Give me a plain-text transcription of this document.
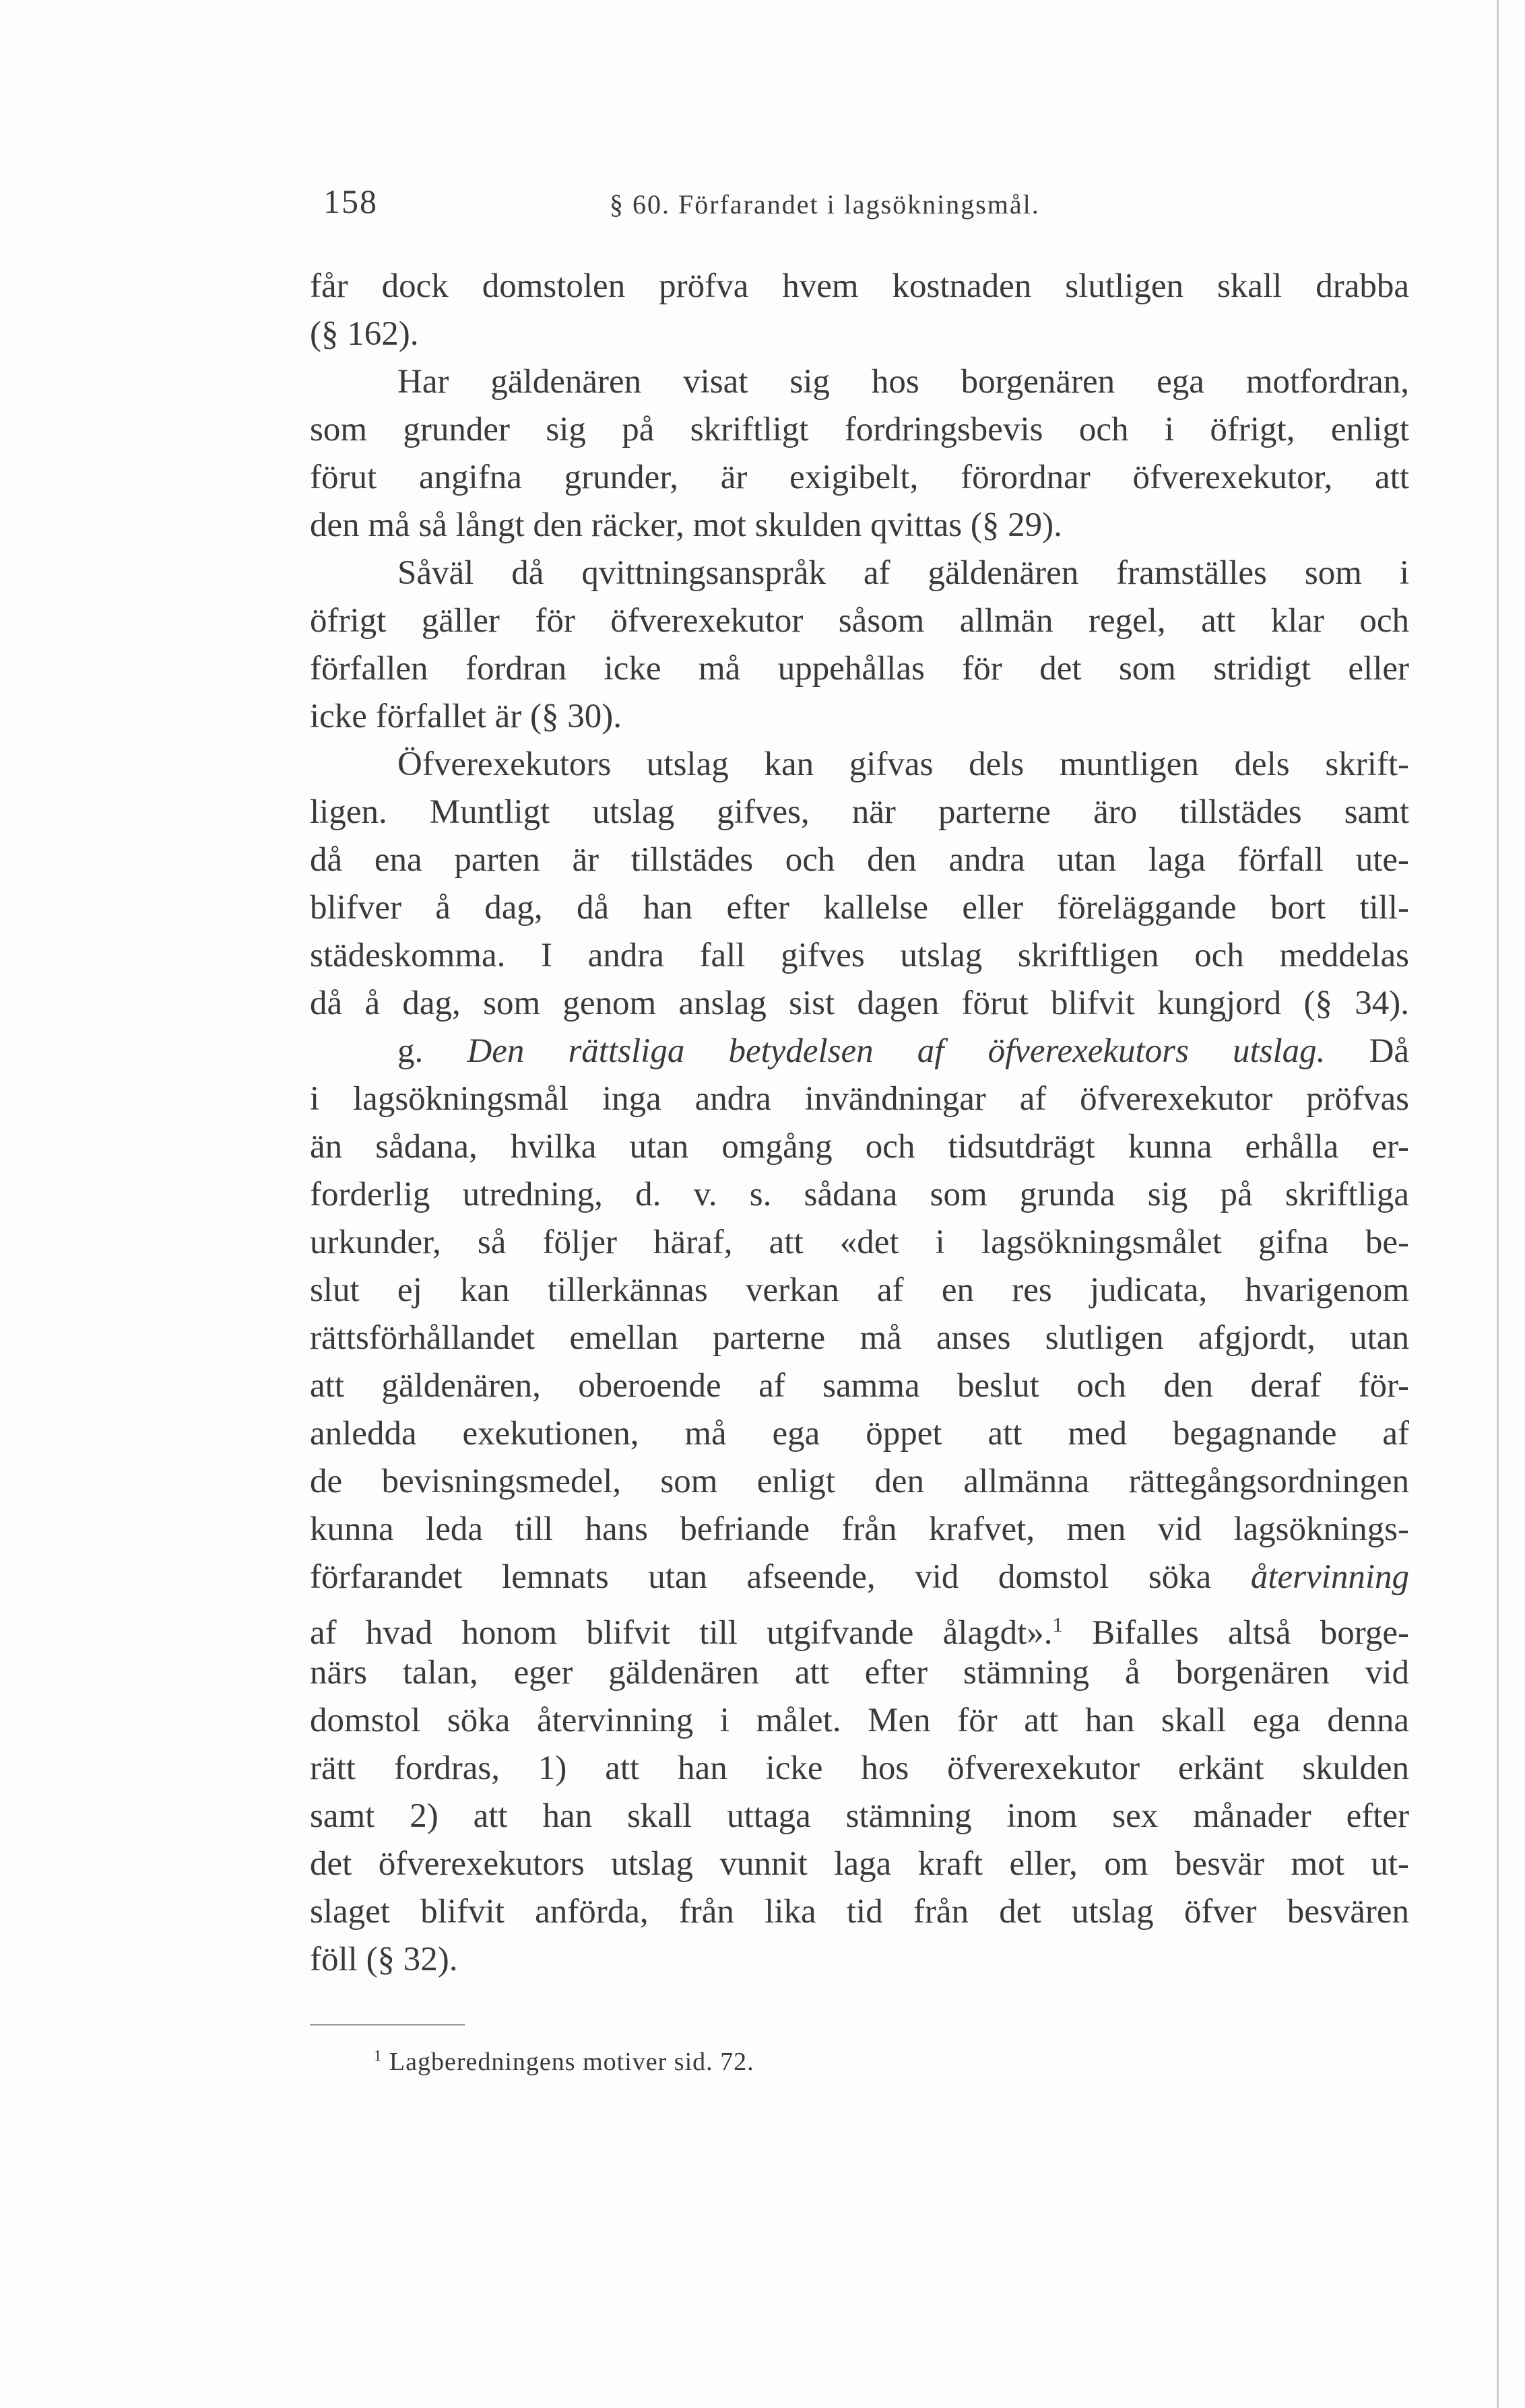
158	§ 60. Förfarandet i lagsökningsmål.
får dock domstolen pröfva hvem kostnaden slutligen skall drabba
(§ 162).
Har gäldenären visat sig hos borgenären ega motfordran,
som grunder sig på skriftligt fordringsbevis och i öfrigt, enligt
förut angifna grunder, är exigibelt, förordnar öfverexekutor, att
den må så långt den räcker, mot skulden qvittas (§ 29).
Såväl då qvittningsanspråk af gäldenären framställes som i
öfrigt gäller för öfverexekutor såsom allmän regel, att klar och
förfallen fordran icke må uppehållas för det som stridigt eller
icke förfallet är (§ 30).
Öfverexekutors utslag kan gifvas dels muntligen dels skrift-
ligen. Muntligt utslag gifves, när parterne äro tillstädes samt
då ena parten är tillstädes och den andra utan laga förfall ute-
blifver å dag, då han efter kallelse eller föreläggande bort till-
städeskomma. I andra fall gifves utslag skriftligen och meddelas
då å dag, som genom anslag sist dagen förut blifvit kungjord (§ 34).
g. Den rättsliga betydelsen af öfverexekutors utslag. Då
i lagsökningsmål inga andra invändningar af öfverexekutor pröfvas
än sådana, hvilka utan omgång och tidsutdrägt kunna erhålla er-
forderlig utredning, d. v. s. sådana som grunda sig på skriftliga
urkunder, så följer häraf, att «det i lagsökningsmålet gifna be-
slut ej kan tillerkännas verkan af en res judicata, hvarigenom
rättsförhållandet emellan parterne må anses slutligen afgjordt, utan
att gäldenären, oberoende af samma beslut och den deraf för-
anledda exekutionen, må ega öppet att med begagnande af
de bevisningsmedel, som enligt den allmänna rättegångsordningen
kunna leda till hans befriande från krafvet, men vid lagsöknings-
förfarandet lemnats utan afseende, vid domstol söka återvinning
af hvad honom blifvit till utgifvande ålagdt».$^1$ Bifalles altså borge-
närs talan, eger gäldenären att efter stämning å borgenären vid
domstol söka återvinning i målet. Men för att han skall ega denna
rätt fordras, 1) att han icke hos öfverexekutor erkänt skulden
samt 2) att han skall uttaga stämning inom sex månader efter
det öfverexekutors utslag vunnit laga kraft eller, om besvär mot ut-
slaget blifvit anförda, från lika tid från det utslag öfver besvären
föll (§ 32).
$^1$ Lagberedningens motiver sid. 72.
